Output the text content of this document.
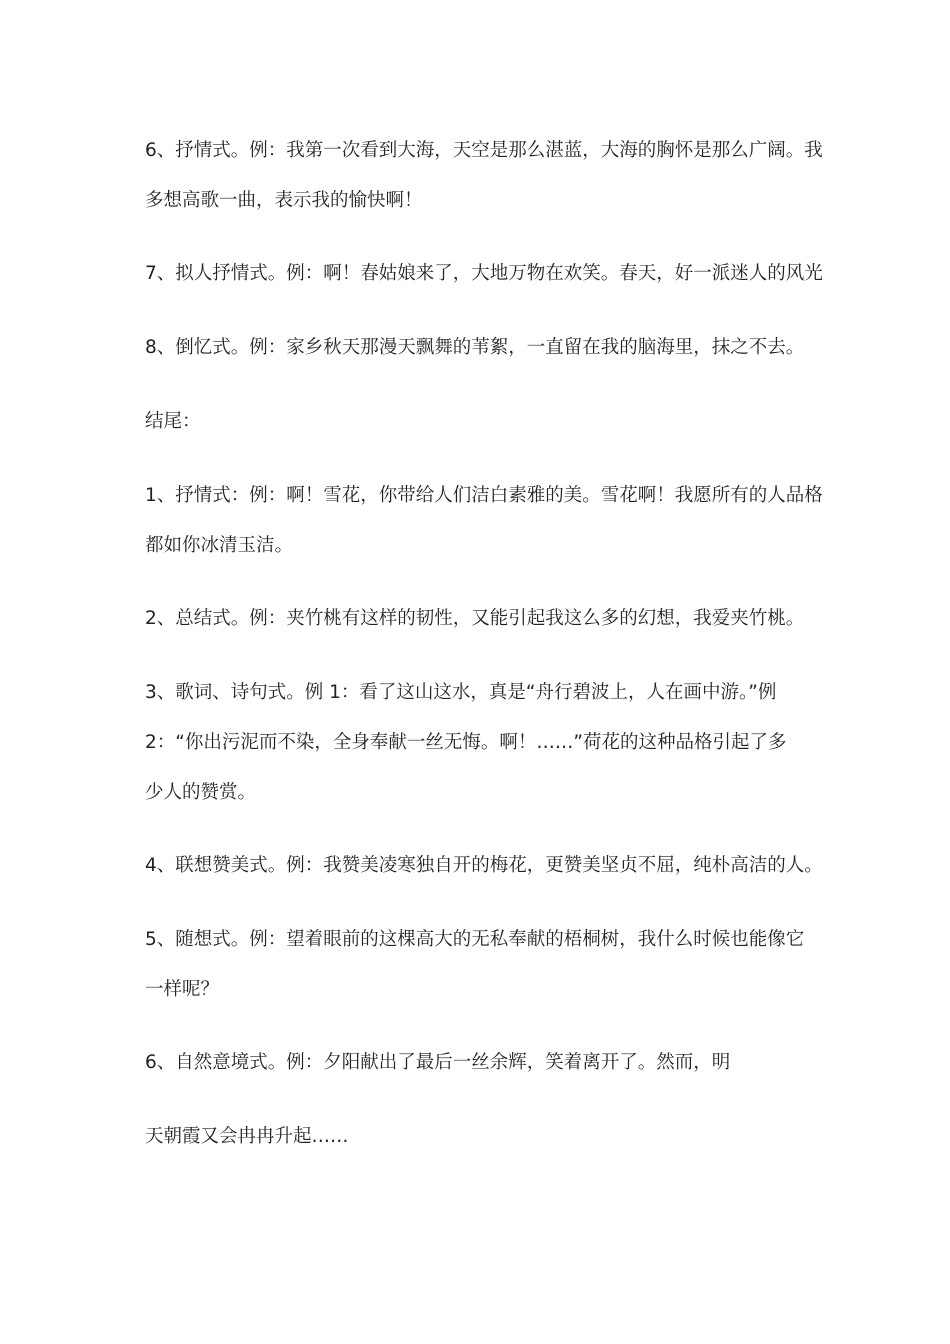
6、抒情式。例：我第一次看到大海，天空是那么湛蓝，大海的胸怀是那么广阔。我
多想高歌一曲，表示我的愉快啊！
7、拟人抒情式。例：啊！春姑娘来了，大地万物在欢笑。春天，好一派迷人的风光
8、倒忆式。例：家乡秋天那漫天飘舞的苇絮，一直留在我的脑海里，抹之不去。
结尾：
1、抒情式：例：啊！雪花，你带给人们洁白素雅的美。雪花啊！我愿所有的人品格
都如你冰清玉洁。
2、总结式。例：夹竹桃有这样的韧性，又能引起我这么多的幻想，我爱夹竹桃。
3、歌词、诗句式。例 1：看了这山这水，真是“舟行碧波上，人在画中游。”例
2：“你出污泥而不染，全身奉献一丝无悔。啊！……”荷花的这种品格引起了多
少人的赞赏。
4、联想赞美式。例：我赞美凌寒独自开的梅花，更赞美坚贞不屈，纯朴高洁的人。
5、随想式。例：望着眼前的这棵高大的无私奉献的梧桐树，我什么时候也能像它
一样呢？
6、自然意境式。例：夕阳献出了最后一丝余辉，笑着离开了。然而，明
天朝霞又会冉冉升起……
